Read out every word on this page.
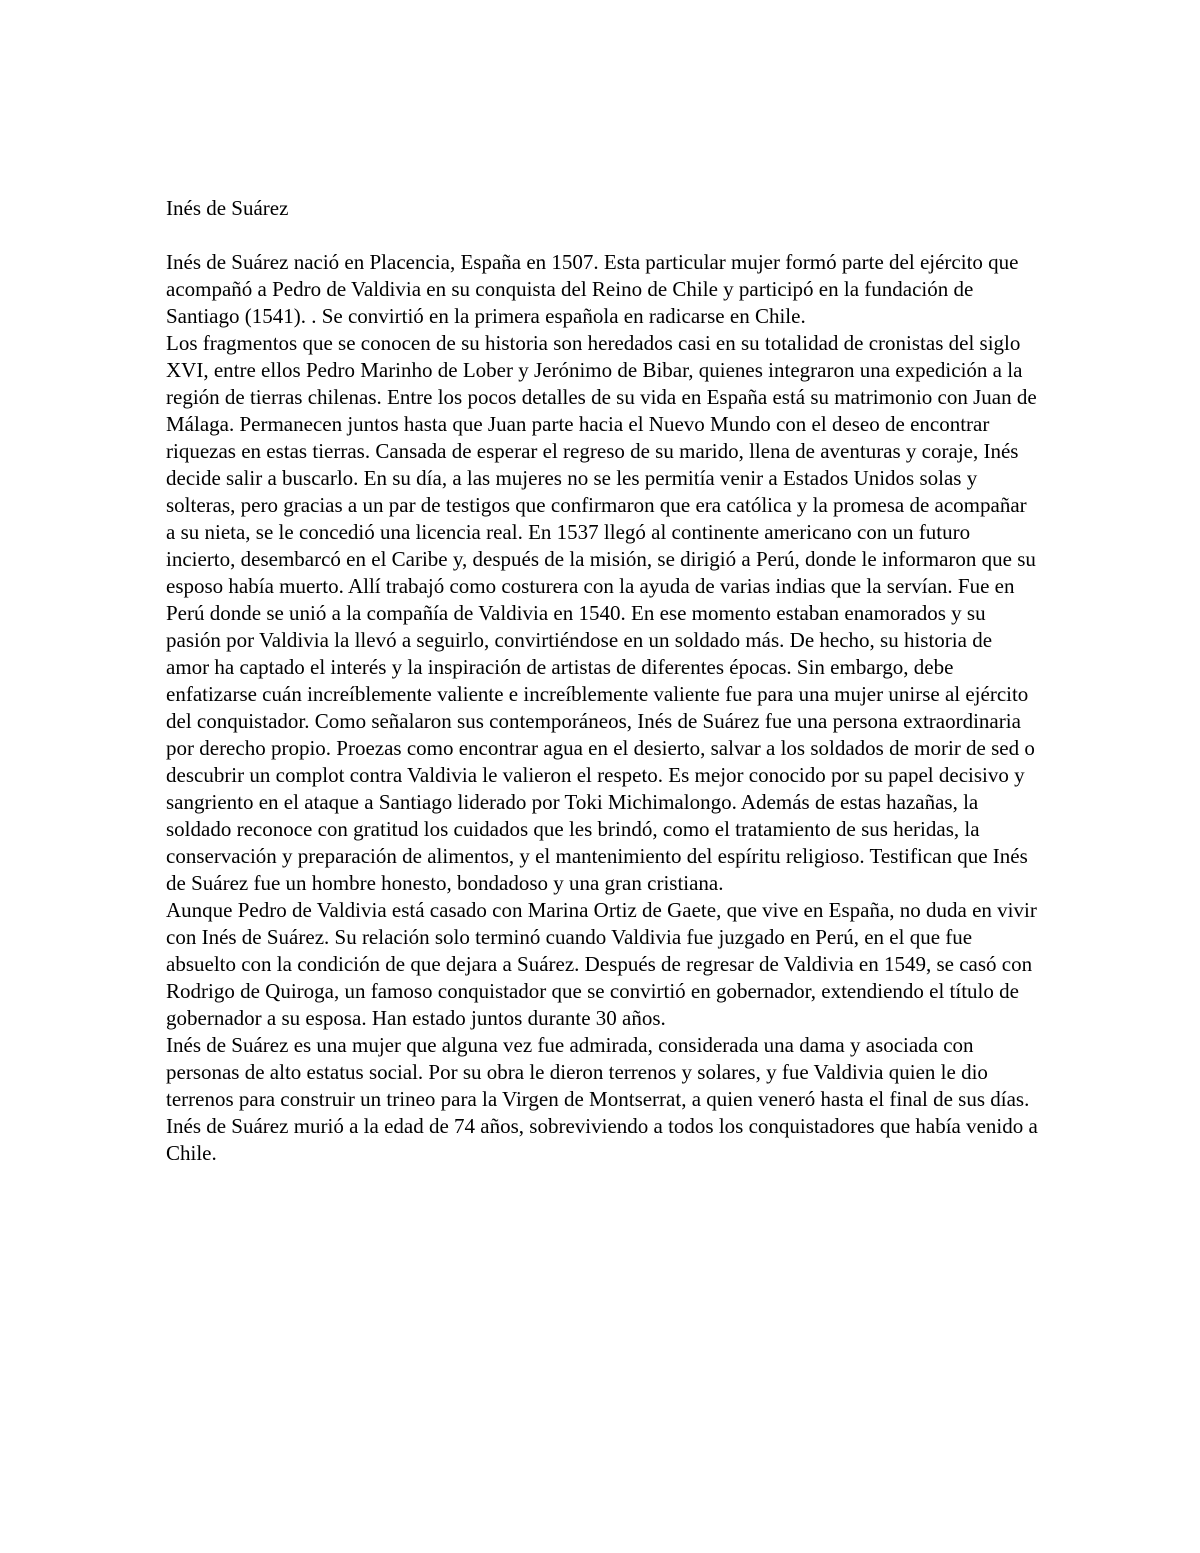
Inés de Suárez

Inés de Suárez nació en Placencia, España en 1507. Esta particular mujer formó parte del ejército que acompañó a Pedro de Valdivia en su conquista del Reino de Chile y participó en la fundación de Santiago (1541). . Se convirtió en la primera española en radicarse en Chile.

Los fragmentos que se conocen de su historia son heredados casi en su totalidad de cronistas del siglo XVI, entre ellos Pedro Marinho de Lober y Jerónimo de Bibar, quienes integraron una expedición a la región de tierras chilenas. Entre los pocos detalles de su vida en España está su matrimonio con Juan de Málaga. Permanecen juntos hasta que Juan parte hacia el Nuevo Mundo con el deseo de encontrar riquezas en estas tierras. Cansada de esperar el regreso de su marido, llena de aventuras y coraje, Inés decide salir a buscarlo. En su día, a las mujeres no se les permitía venir a Estados Unidos solas y solteras, pero gracias a un par de testigos que confirmaron que era católica y la promesa de acompañar a su nieta, se le concedió una licencia real. En 1537 llegó al continente americano con un futuro incierto, desembarcó en el Caribe y, después de la misión, se dirigió a Perú, donde le informaron que su esposo había muerto. Allí trabajó como costurera con la ayuda de varias indias que la servían. Fue en Perú donde se unió a la compañía de Valdivia en 1540. En ese momento estaban enamorados y su pasión por Valdivia la llevó a seguirlo, convirtiéndose en un soldado más. De hecho, su historia de amor ha captado el interés y la inspiración de artistas de diferentes épocas. Sin embargo, debe enfatizarse cuán increíblemente valiente e increíblemente valiente fue para una mujer unirse al ejército del conquistador. Como señalaron sus contemporáneos, Inés de Suárez fue una persona extraordinaria por derecho propio. Proezas como encontrar agua en el desierto, salvar a los soldados de morir de sed o descubrir un complot contra Valdivia le valieron el respeto. Es mejor conocido por su papel decisivo y sangriento en el ataque a Santiago liderado por Toki Michimalongo. Además de estas hazañas, la soldado reconoce con gratitud los cuidados que les brindó, como el tratamiento de sus heridas, la conservación y preparación de alimentos, y el mantenimiento del espíritu religioso. Testifican que Inés de Suárez fue un hombre honesto, bondadoso y una gran cristiana.

Aunque Pedro de Valdivia está casado con Marina Ortiz de Gaete, que vive en España, no duda en vivir con Inés de Suárez. Su relación solo terminó cuando Valdivia fue juzgado en Perú, en el que fue absuelto con la condición de que dejara a Suárez. Después de regresar de Valdivia en 1549, se casó con Rodrigo de Quiroga, un famoso conquistador que se convirtió en gobernador, extendiendo el título de gobernador a su esposa. Han estado juntos durante 30 años.

Inés de Suárez es una mujer que alguna vez fue admirada, considerada una dama y asociada con personas de alto estatus social. Por su obra le dieron terrenos y solares, y fue Valdivia quien le dio terrenos para construir un trineo para la Virgen de Montserrat, a quien veneró hasta el final de sus días. Inés de Suárez murió a la edad de 74 años, sobreviviendo a todos los conquistadores que había venido a Chile.
